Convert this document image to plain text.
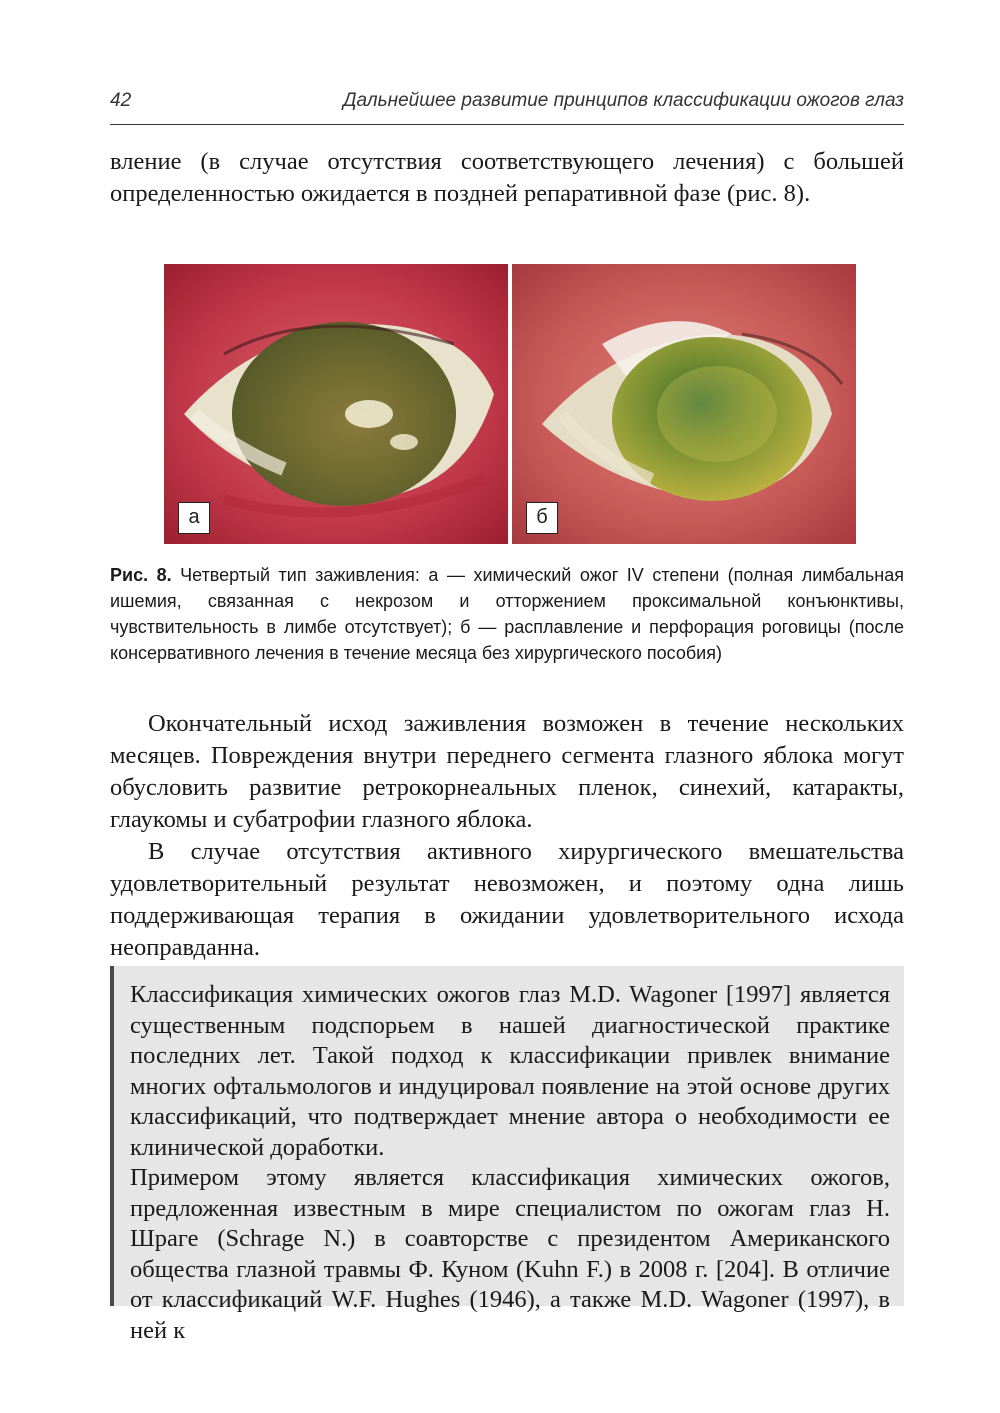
42	Дальнейшее развитие принципов классификации ожогов глаз

вление (в случае отсутствия соответствующего лечения) с большей определенностью ожидается в поздней репаративной фазе (рис. 8).

а	б
Рис. 8. Четвертый тип заживления: а — химический ожог IV степени (полная лимбальная ишемия, связанная с некрозом и отторжением проксимальной конъюнктивы, чувствительность в лимбе отсутствует); б — расплавление и перфорация роговицы (после консервативного лечения в течение месяца без хирургического пособия)

Окончательный исход заживления возможен в течение нескольких месяцев. Повреждения внутри переднего сегмента глазного яблока могут обусловить развитие ретрокорнеальных пленок, синехий, катаракты, глаукомы и субатрофии глазного яблока.

В случае отсутствия активного хирургического вмешательства удовлетворительный результат невозможен, и поэтому одна лишь поддерживающая терапия в ожидании удовлетворительного исхода неоправданна.

Классификация химических ожогов глаз M.D. Wagoner [1997] является существенным подспорьем в нашей диагностической практике последних лет. Такой подход к классификации привлек внимание многих офтальмологов и индуцировал появление на этой основе других классификаций, что подтверждает мнение автора о необходимости ее клинической доработки.

Примером этому является классификация химических ожогов, предложенная известным в мире специалистом по ожогам глаз Н. Шраге (Schrage N.) в соавторстве с президентом Американского общества глазной травмы Ф. Куном (Kuhn F.) в 2008 г. [204]. В отличие от классификаций W.F. Hughes (1946), а также M.D. Wagoner (1997), в ней к
